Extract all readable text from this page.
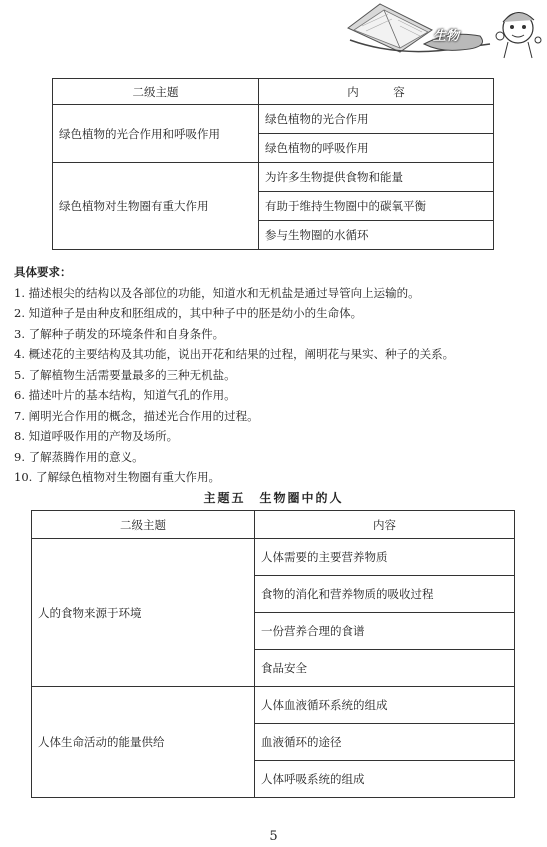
生物
二级主题	内　　　容
绿色植物的光合作用和呼吸作用	绿色植物的光合作用
	绿色植物的呼吸作用
绿色植物对生物圈有重大作用	为许多生物提供食物和能量
	有助于维持生物圈中的碳氧平衡
	参与生物圈的水循环
具体要求：
1. 描述根尖的结构以及各部位的功能，知道水和无机盐是通过导管向上运输的。
2. 知道种子是由种皮和胚组成的，其中种子中的胚是幼小的生命体。
3. 了解种子萌发的环境条件和自身条件。
4. 概述花的主要结构及其功能，说出开花和结果的过程，阐明花与果实、种子的关系。
5. 了解植物生活需要量最多的三种无机盐。
6. 描述叶片的基本结构，知道气孔的作用。
7. 阐明光合作用的概念，描述光合作用的过程。
8. 知道呼吸作用的产物及场所。
9. 了解蒸腾作用的意义。
10. 了解绿色植物对生物圈有重大作用。
主题五　生物圈中的人
二级主题	内容
人的食物来源于环境	人体需要的主要营养物质
	食物的消化和营养物质的吸收过程
	一份营养合理的食谱
	食品安全
人体生命活动的能量供给	人体血液循环系统的组成
	血液循环的途径
	人体呼吸系统的组成
5
